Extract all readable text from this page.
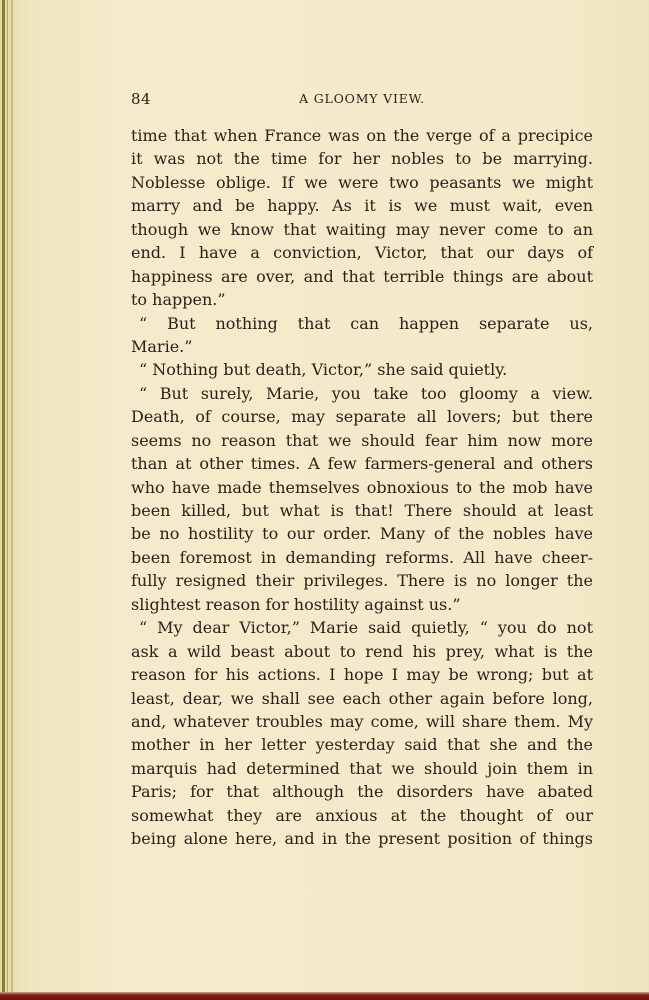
84	A GLOOMY VIEW.
time that when France was on the verge of a precipice
it was not the time for her nobles to be marrying.
Noblesse oblige. If we were two peasants we might
marry and be happy. As it is we must wait, even
though we know that waiting may never come to an
end. I have a conviction, Victor, that our days of
happiness are over, and that terrible things are about
to happen.”
“ But nothing that can happen separate us,
Marie.”
“ Nothing but death, Victor,” she said quietly.
“ But surely, Marie, you take too gloomy a view.
Death, of course, may separate all lovers; but there
seems no reason that we should fear him now more
than at other times. A few farmers-general and others
who have made themselves obnoxious to the mob have
been killed, but what is that! There should at least
be no hostility to our order. Many of the nobles have
been foremost in demanding reforms. All have cheer-
fully resigned their privileges. There is no longer the
slightest reason for hostility against us.”
“ My dear Victor,” Marie said quietly, “ you do not
ask a wild beast about to rend his prey, what is the
reason for his actions. I hope I may be wrong; but at
least, dear, we shall see each other again before long,
and, whatever troubles may come, will share them. My
mother in her letter yesterday said that she and the
marquis had determined that we should join them in
Paris; for that although the disorders have abated
somewhat they are anxious at the thought of our
being alone here, and in the present position of things
